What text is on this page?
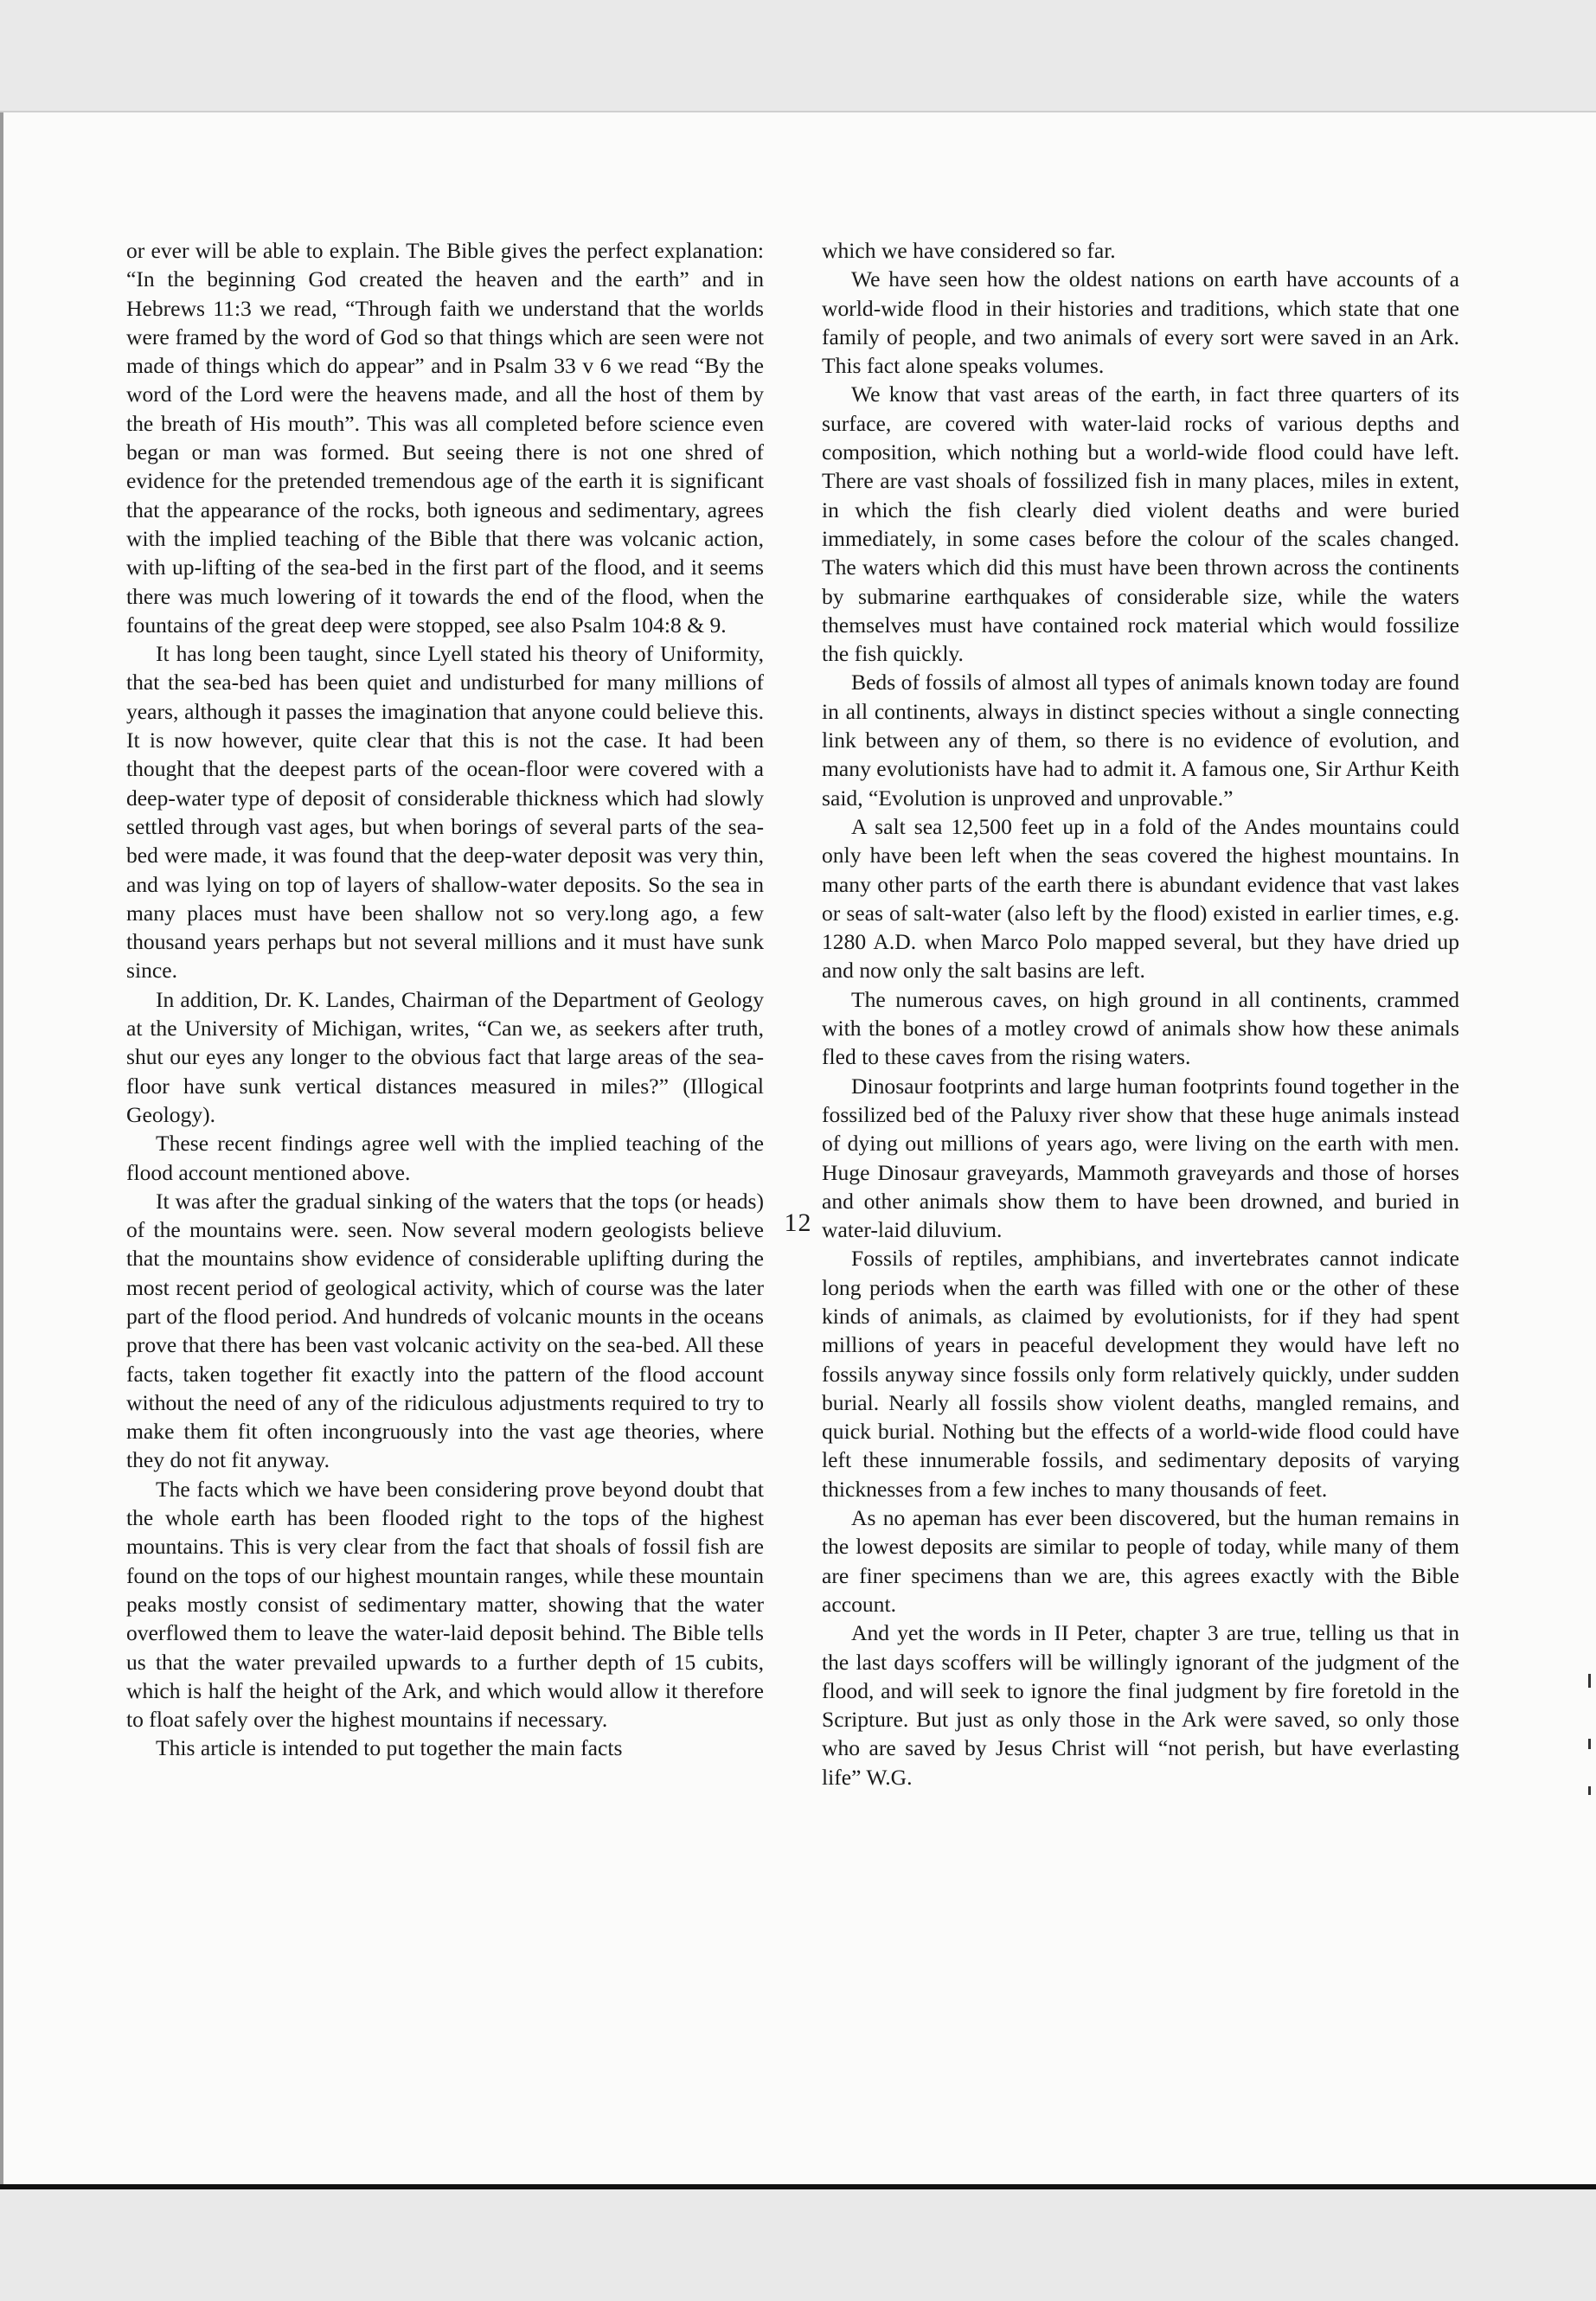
or ever will be able to explain. The Bible gives the perfect explanation: “In the beginning God created the heaven and the earth” and in Hebrews 11:3 we read, “Through faith we understand that the worlds were framed by the word of God so that things which are seen were not made of things which do appear” and in Psalm 33 v 6 we read “By the word of the Lord were the heavens made, and all the host of them by the breath of His mouth”. This was all completed before science even began or man was formed. But seeing there is not one shred of evidence for the pretended tremendous age of the earth it is significant that the appearance of the rocks, both igneous and sedimentary, agrees with the implied teaching of the Bible that there was volcanic action, with up-lifting of the sea-bed in the first part of the flood, and it seems there was much lowering of it towards the end of the flood, when the fountains of the great deep were stopped, see also Psalm 104:8 & 9.

It has long been taught, since Lyell stated his theory of Uniformity, that the sea-bed has been quiet and undisturbed for many millions of years, although it passes the imagination that anyone could believe this. It is now however, quite clear that this is not the case. It had been thought that the deepest parts of the ocean-floor were covered with a deep-water type of deposit of considerable thickness which had slowly settled through vast ages, but when borings of several parts of the sea-bed were made, it was found that the deep-water deposit was very thin, and was lying on top of layers of shallow-water deposits. So the sea in many places must have been shallow not so very.long ago, a few thousand years perhaps but not several millions and it must have sunk since.

In addition, Dr. K. Landes, Chairman of the Department of Geology at the University of Michigan, writes, “Can we, as seekers after truth, shut our eyes any longer to the obvious fact that large areas of the sea-floor have sunk vertical distances measured in miles?” (Illogical Geology).

These recent findings agree well with the implied teaching of the flood account mentioned above.

It was after the gradual sinking of the waters that the tops (or heads) of the mountains were. seen. Now several modern geologists believe that the mountains show evidence of considerable uplifting during the most recent period of geological activity, which of course was the later part of the flood period. And hundreds of volcanic mounts in the oceans prove that there has been vast volcanic activity on the sea-bed. All these facts, taken together fit exactly into the pattern of the flood account without the need of any of the ridiculous adjustments required to try to make them fit often incongruously into the vast age theories, where they do not fit anyway.

The facts which we have been considering prove beyond doubt that the whole earth has been flooded right to the tops of the highest mountains. This is very clear from the fact that shoals of fossil fish are found on the tops of our highest mountain ranges, while these mountain peaks mostly consist of sedimentary matter, showing that the water overflowed them to leave the water-laid deposit behind. The Bible tells us that the water prevailed upwards to a further depth of 15 cubits, which is half the height of the Ark, and which would allow it therefore to float safely over the highest mountains if necessary.

This article is intended to put together the main facts

which we have considered so far.

We have seen how the oldest nations on earth have accounts of a world-wide flood in their histories and traditions, which state that one family of people, and two animals of every sort were saved in an Ark. This fact alone speaks volumes.

We know that vast areas of the earth, in fact three quarters of its surface, are covered with water-laid rocks of various depths and composition, which nothing but a world-wide flood could have left. There are vast shoals of fossilized fish in many places, miles in extent, in which the fish clearly died violent deaths and were buried immediately, in some cases before the colour of the scales changed. The waters which did this must have been thrown across the continents by submarine earthquakes of considerable size, while the waters themselves must have contained rock material which would fossilize the fish quickly.

Beds of fossils of almost all types of animals known today are found in all continents, always in distinct species without a single connecting link between any of them, so there is no evidence of evolution, and many evolutionists have had to admit it. A famous one, Sir Arthur Keith said, “Evolution is unproved and unprovable.”

A salt sea 12,500 feet up in a fold of the Andes mountains could only have been left when the seas covered the highest mountains. In many other parts of the earth there is abundant evidence that vast lakes or seas of salt-water (also left by the flood) existed in earlier times, e.g. 1280 A.D. when Marco Polo mapped several, but they have dried up and now only the salt basins are left.

The numerous caves, on high ground in all continents, crammed with the bones of a motley crowd of animals show how these animals fled to these caves from the rising waters.

Dinosaur footprints and large human footprints found together in the fossilized bed of the Paluxy river show that these huge animals instead of dying out millions of years ago, were living on the earth with men. Huge Dinosaur graveyards, Mammoth graveyards and those of horses and other animals show them to have been drowned, and buried in water-laid diluvium.

Fossils of reptiles, amphibians, and invertebrates cannot indicate long periods when the earth was filled with one or the other of these kinds of animals, as claimed by evolutionists, for if they had spent millions of years in peaceful development they would have left no fossils anyway since fossils only form relatively quickly, under sudden burial. Nearly all fossils show violent deaths, mangled remains, and quick burial. Nothing but the effects of a world-wide flood could have left these innumerable fossils, and sedimentary deposits of varying thicknesses from a few inches to many thousands of feet.

As no apeman has ever been discovered, but the human remains in the lowest deposits are similar to people of today, while many of them are finer specimens than we are, this agrees exactly with the Bible account.

And yet the words in II Peter, chapter 3 are true, telling us that in the last days scoffers will be willingly ignorant of the judgment of the flood, and will seek to ignore the final judgment by fire foretold in the Scripture. But just as only those in the Ark were saved, so only those who are saved by Jesus Christ will “not perish, but have everlasting life” W.G.

12
